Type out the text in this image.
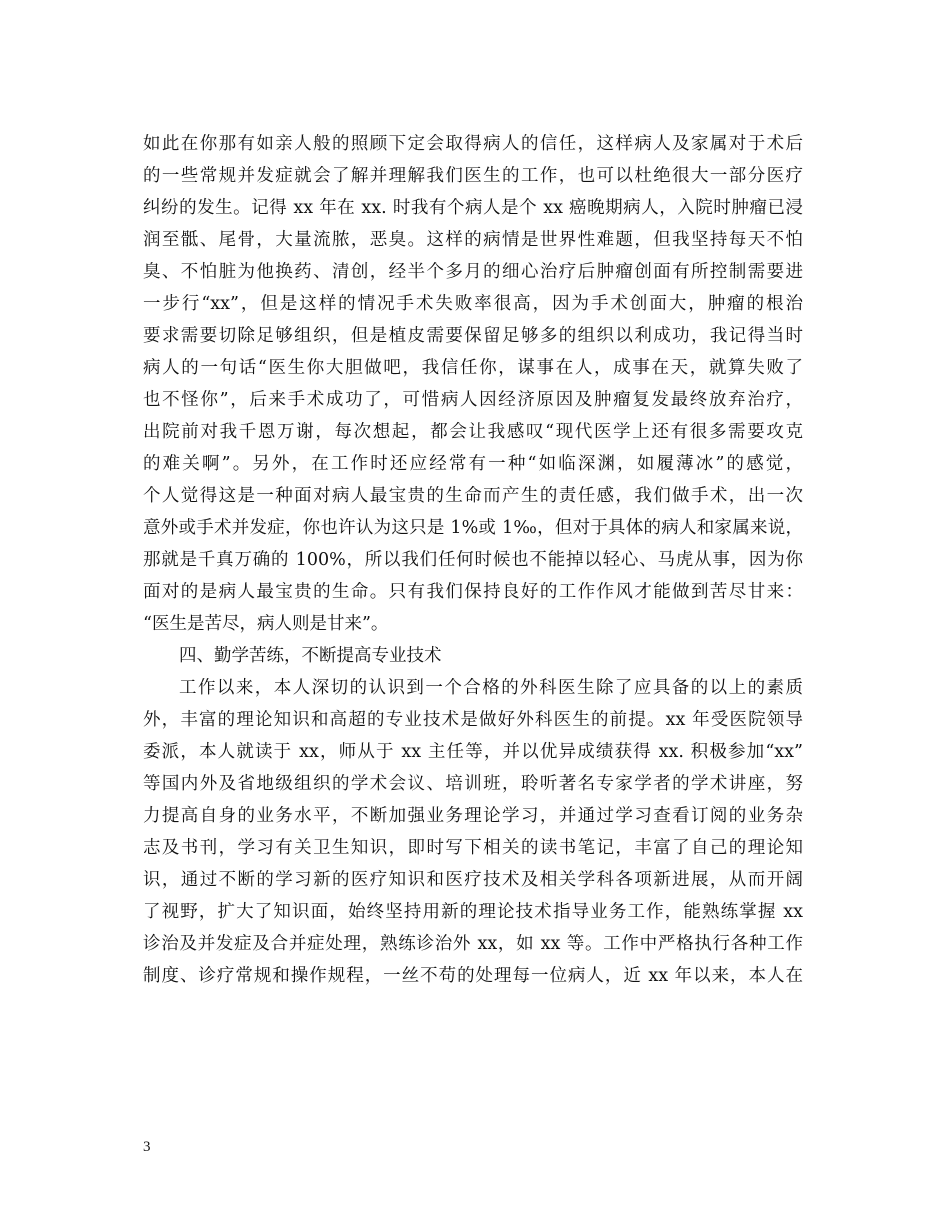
如此在你那有如亲人般的照顾下定会取得病人的信任，这样病人及家属对于术后
的一些常规并发症就会了解并理解我们医生的工作，也可以杜绝很大一部分医疗
纠纷的发生。记得 xx 年在 xx. 时我有个病人是个 xx 癌晚期病人，入院时肿瘤已浸
润至骶、尾骨，大量流脓，恶臭。这样的病情是世界性难题，但我坚持每天不怕
臭、不怕脏为他换药、清创，经半个多月的细心治疗后肿瘤创面有所控制需要进
一步行“xx”，但是这样的情况手术失败率很高，因为手术创面大，肿瘤的根治
要求需要切除足够组织，但是植皮需要保留足够多的组织以利成功，我记得当时
病人的一句话“医生你大胆做吧，我信任你，谋事在人，成事在天，就算失败了
也不怪你”，后来手术成功了，可惜病人因经济原因及肿瘤复发最终放弃治疗，
出院前对我千恩万谢，每次想起，都会让我感叹“现代医学上还有很多需要攻克
的难关啊”。另外，在工作时还应经常有一种“如临深渊，如履薄冰”的感觉，
个人觉得这是一种面对病人最宝贵的生命而产生的责任感，我们做手术，出一次
意外或手术并发症，你也许认为这只是 1%或 1‰，但对于具体的病人和家属来说，
那就是千真万确的 100%，所以我们任何时候也不能掉以轻心、马虎从事，因为你
面对的是病人最宝贵的生命。只有我们保持良好的工作作风才能做到苦尽甘来：
“医生是苦尽，病人则是甘来”。
四、勤学苦练，不断提高专业技术
工作以来，本人深切的认识到一个合格的外科医生除了应具备的以上的素质
外，丰富的理论知识和高超的专业技术是做好外科医生的前提。xx 年受医院领导
委派，本人就读于 xx，师从于 xx 主任等，并以优异成绩获得 xx. 积极参加“xx”
等国内外及省地级组织的学术会议、培训班，聆听著名专家学者的学术讲座，努
力提高自身的业务水平，不断加强业务理论学习，并通过学习查看订阅的业务杂
志及书刊，学习有关卫生知识，即时写下相关的读书笔记，丰富了自己的理论知
识，通过不断的学习新的医疗知识和医疗技术及相关学科各项新进展，从而开阔
了视野，扩大了知识面，始终坚持用新的理论技术指导业务工作，能熟练掌握 xx
诊治及并发症及合并症处理，熟练诊治外 xx，如 xx 等。工作中严格执行各种工作
制度、诊疗常规和操作规程，一丝不苟的处理每一位病人，近 xx 年以来，本人在
3
